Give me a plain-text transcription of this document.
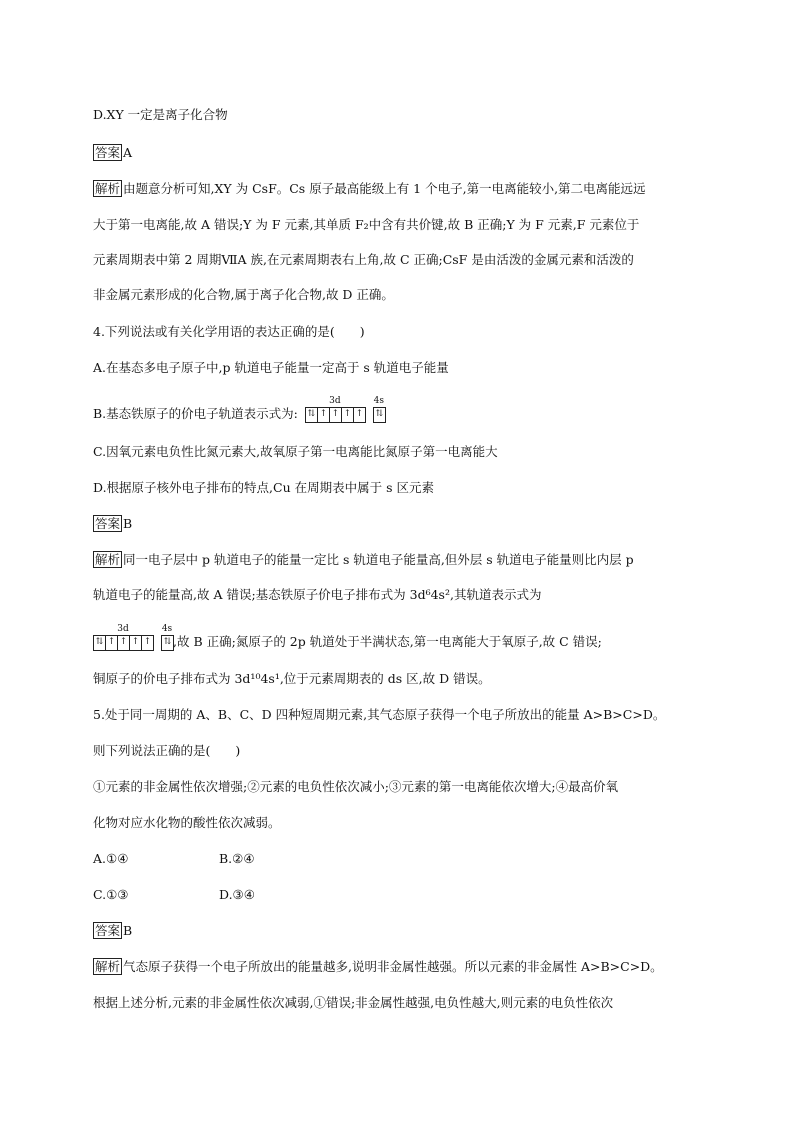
D.XY 一定是离子化合物
答案 A
解析 由题意分析可知,XY 为 CsF。Cs 原子最高能级上有 1 个电子,第一电离能较小,第二电离能远远
大于第一电离能,故 A 错误;Y 为 F 元素,其单质 F₂中含有共价键,故 B 正确;Y 为 F 元素,F 元素位于
元素周期表中第 2 周期ⅦA 族,在元素周期表右上角,故 C 正确;CsF 是由活泼的金属元素和活泼的
非金属元素形成的化合物,属于离子化合物,故 D 正确。
4.下列说法或有关化学用语的表达正确的是(　　)
A.在基态多电子原子中,p 轨道电子能量一定高于 s 轨道电子能量
B.基态铁原子的价电子轨道表示式为:
3d
⇅ ↑ ↑ ↑ ↑
4s
⇅
C.因氧元素电负性比氮元素大,故氧原子第一电离能比氮原子第一电离能大
D.根据原子核外电子排布的特点,Cu 在周期表中属于 s 区元素
答案 B
解析 同一电子层中 p 轨道电子的能量一定比 s 轨道电子能量高,但外层 s 轨道电子能量则比内层 p
轨道电子的能量高,故 A 错误;基态铁原子价电子排布式为 3d⁶4s²,其轨道表示式为
3d
⇅ ↑ ↑ ↑ ↑
4s
⇅ ,故 B 正确;氮原子的 2p 轨道处于半满状态,第一电离能大于氧原子,故 C 错误;
铜原子的价电子排布式为 3d¹⁰4s¹,位于元素周期表的 ds 区,故 D 错误。
5.处于同一周期的 A、B、C、D 四种短周期元素,其气态原子获得一个电子所放出的能量 A>B>C>D。
则下列说法正确的是(　　)
①元素的非金属性依次增强;②元素的电负性依次减小;③元素的第一电离能依次增大;④最高价氧
化物对应水化物的酸性依次减弱。
A.①④	B.②④
C.①③	D.③④
答案 B
解析 气态原子获得一个电子所放出的能量越多,说明非金属性越强。所以元素的非金属性 A>B>C>D。
根据上述分析,元素的非金属性依次减弱,①错误;非金属性越强,电负性越大,则元素的电负性依次
